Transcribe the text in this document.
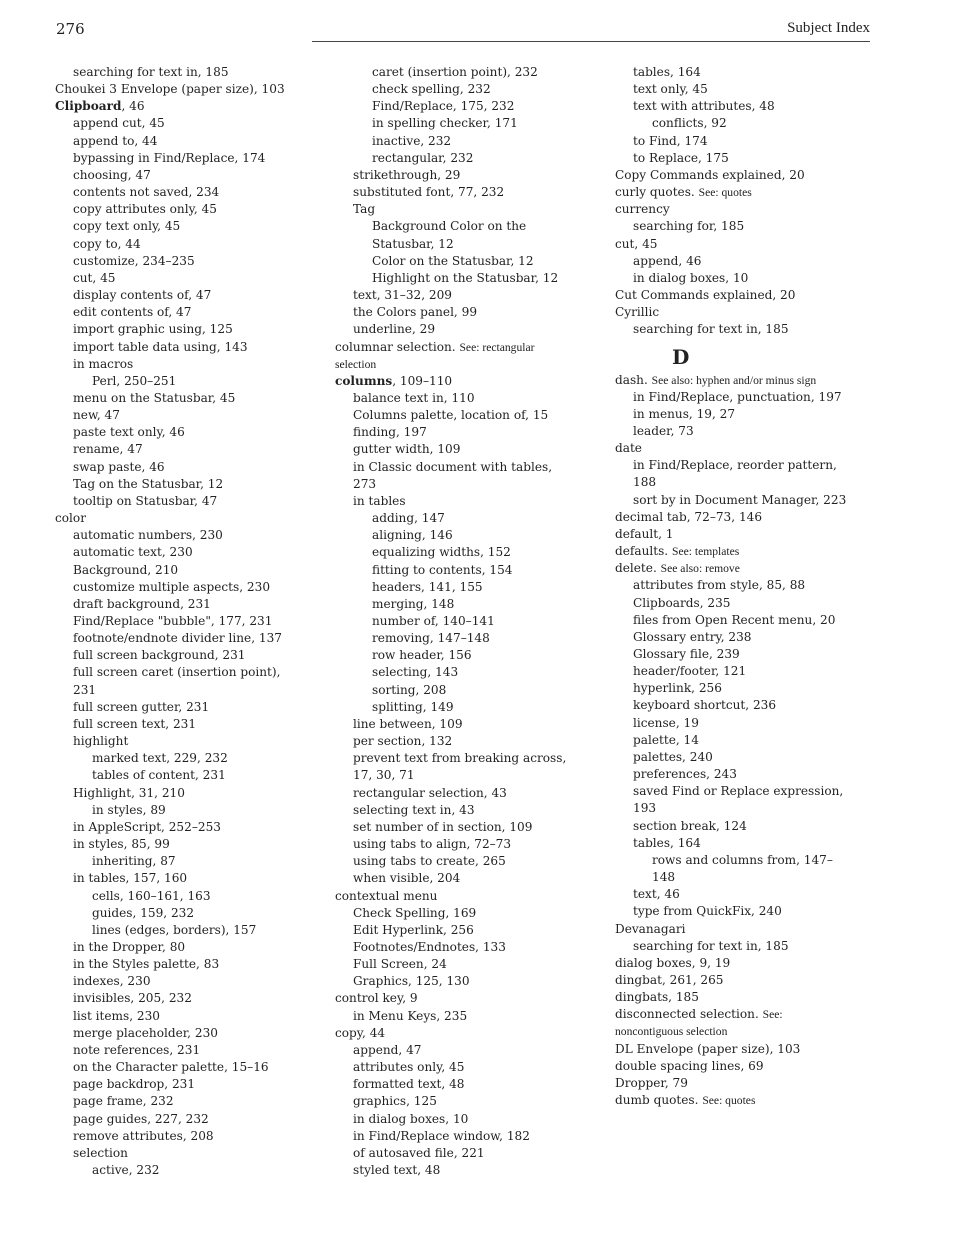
276	Subject Index
searching for text in, 185
Choukei 3 Envelope (paper size), 103
Clipboard, 46
append cut, 45
append to, 44
bypassing in Find/Replace, 174
choosing, 47
contents not saved, 234
copy attributes only, 45
copy text only, 45
copy to, 44
customize, 234–235
cut, 45
display contents of, 47
edit contents of, 47
import graphic using, 125
import table data using, 143
in macros
Perl, 250–251
menu on the Statusbar, 45
new, 47
paste text only, 46
rename, 47
swap paste, 46
Tag on the Statusbar, 12
tooltip on Statusbar, 47
color
automatic numbers, 230
automatic text, 230
Background, 210
customize multiple aspects, 230
draft background, 231
Find/Replace "bubble", 177, 231
footnote/endnote divider line, 137
full screen background, 231
full screen caret (insertion point),
231
full screen gutter, 231
full screen text, 231
highlight
marked text, 229, 232
tables of content, 231
Highlight, 31, 210
in styles, 89
in AppleScript, 252–253
in styles, 85, 99
inheriting, 87
in tables, 157, 160
cells, 160–161, 163
guides, 159, 232
lines (edges, borders), 157
in the Dropper, 80
in the Styles palette, 83
indexes, 230
invisibles, 205, 232
list items, 230
merge placeholder, 230
note references, 231
on the Character palette, 15–16
page backdrop, 231
page frame, 232
page guides, 227, 232
remove attributes, 208
selection
active, 232
caret (insertion point), 232
check spelling, 232
Find/Replace, 175, 232
in spelling checker, 171
inactive, 232
rectangular, 232
strikethrough, 29
substituted font, 77, 232
Tag
Background Color on the
Statusbar, 12
Color on the Statusbar, 12
Highlight on the Statusbar, 12
text, 31–32, 209
the Colors panel, 99
underline, 29
columnar selection. See: rectangular
selection
columns, 109–110
balance text in, 110
Columns palette, location of, 15
finding, 197
gutter width, 109
in Classic document with tables,
273
in tables
adding, 147
aligning, 146
equalizing widths, 152
fitting to contents, 154
headers, 141, 155
merging, 148
number of, 140–141
removing, 147–148
row header, 156
selecting, 143
sorting, 208
splitting, 149
line between, 109
per section, 132
prevent text from breaking across,
17, 30, 71
rectangular selection, 43
selecting text in, 43
set number of in section, 109
using tabs to align, 72–73
using tabs to create, 265
when visible, 204
contextual menu
Check Spelling, 169
Edit Hyperlink, 256
Footnotes/Endnotes, 133
Full Screen, 24
Graphics, 125, 130
control key, 9
in Menu Keys, 235
copy, 44
append, 47
attributes only, 45
formatted text, 48
graphics, 125
in dialog boxes, 10
in Find/Replace window, 182
of autosaved file, 221
styled text, 48
tables, 164
text only, 45
text with attributes, 48
conflicts, 92
to Find, 174
to Replace, 175
Copy Commands explained, 20
curly quotes. See: quotes
currency
searching for, 185
cut, 45
append, 46
in dialog boxes, 10
Cut Commands explained, 20
Cyrillic
searching for text in, 185
D
dash. See also: hyphen and/or minus sign
in Find/Replace, punctuation, 197
in menus, 19, 27
leader, 73
date
in Find/Replace, reorder pattern,
188
sort by in Document Manager, 223
decimal tab, 72–73, 146
default, 1
defaults. See: templates
delete. See also: remove
attributes from style, 85, 88
Clipboards, 235
files from Open Recent menu, 20
Glossary entry, 238
Glossary file, 239
header/footer, 121
hyperlink, 256
keyboard shortcut, 236
license, 19
palette, 14
palettes, 240
preferences, 243
saved Find or Replace expression,
193
section break, 124
tables, 164
rows and columns from, 147–
148
text, 46
type from QuickFix, 240
Devanagari
searching for text in, 185
dialog boxes, 9, 19
dingbat, 261, 265
dingbats, 185
disconnected selection. See:
noncontiguous selection
DL Envelope (paper size), 103
double spacing lines, 69
Dropper, 79
dumb quotes. See: quotes
